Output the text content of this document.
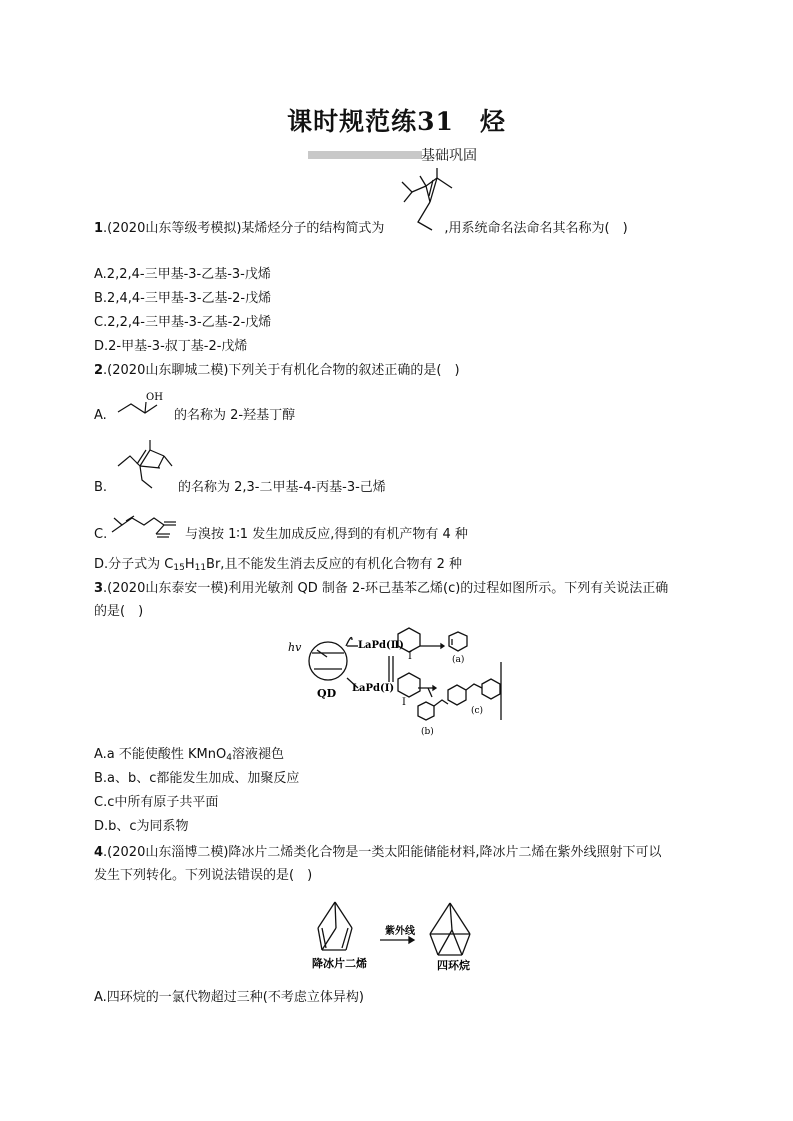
课时规范练31　烃
基础巩固
1.(2020山东等级考模拟)某烯烃分子的结构简式为	,用系统命名法命名其名称为(　)
A.2,2,4-三甲基-3-乙基-3-戊烯
B.2,4,4-三甲基-3-乙基-2-戊烯
C.2,2,4-三甲基-3-乙基-2-戊烯
D.2-甲基-3-叔丁基-2-戊烯
2.(2020山东聊城二模)下列关于有机化合物的叙述正确的是(　)
A.
OH
的名称为 2-羟基丁醇
B.	的名称为 2,3-二甲基-4-丙基-3-己烯
C.	与溴按 1∶1 发生加成反应,得到的有机产物有 4 种
D.分子式为 $C_{15}H_{11}Br$,且不能发生消去反应的有机化合物有 2 种
3.(2020山东泰安一模)利用光敏剂 QD 制备 2-环己基苯乙烯(c)的过程如图所示。下列有关说法正确
的是(　)
hv
QD
LaPd(Ⅱ)
LaPd(Ⅰ)
I
I
(a)
(b)
(c)
A.a 不能使酸性 KMnO$_4$溶液褪色
B.a、b、c都能发生加成、加聚反应
C.c中所有原子共平面
D.b、c为同系物
4.(2020山东淄博二模)降冰片二烯类化合物是一类太阳能储能材料,降冰片二烯在紫外线照射下可以
发生下列转化。下列说法错误的是(　)
降冰片二烯
紫外线
四环烷
A.四环烷的一氯代物超过三种(不考虑立体异构)
